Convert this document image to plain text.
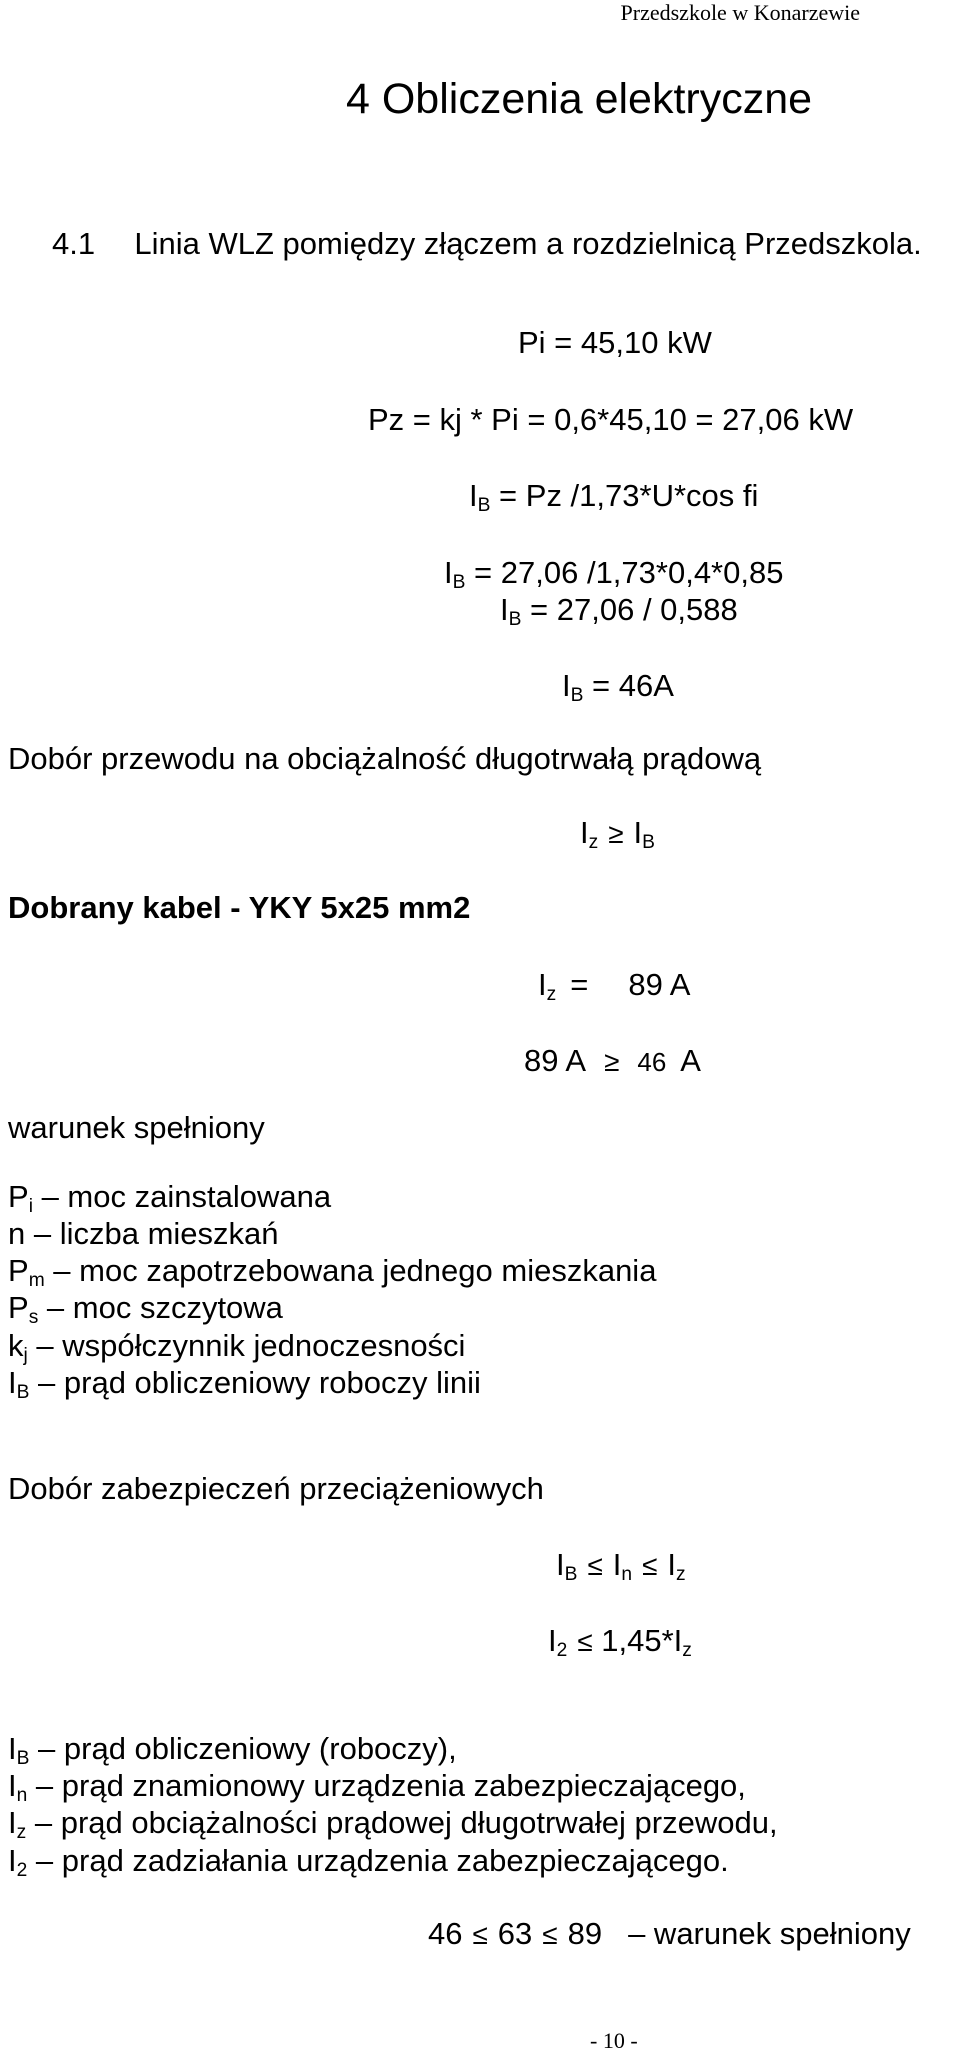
Przedszkole w Konarzewie
4 Obliczenia elektryczne
4.1 Linia WLZ pomiędzy złączem a rozdzielnicą Przedszkola.
Pi = 45,10 kW
Pz = kj * Pi = 0,6*45,10 = 27,06 kW
$I_B = Pz$ /1,73*U*cos fi
$I_B = 27,06$ /1,73*0,4*0,85
$I_B = 27,06 / 0,588$
$I_B = 46A$
Dobór przewodu na obciążalność długotrwałą prądową
$I_z \ge I_B$
Dobrany kabel - YKY 5x25 mm2
$I_z = 89$ A
89 A ≥ 46 A
warunek spełniony
$P_i$ – moc zainstalowana
n – liczba mieszkań
$P_m$ – moc zapotrzebowana jednego mieszkania
$P_s$ – moc szczytowa
$k_j$ – współczynnik jednoczesności
$I_B$ – prąd obliczeniowy roboczy linii
Dobór zabezpieczeń przeciążeniowych
$I_B \le I_n \le I_z$
$I_2 \le 1,45*I_z$
$I_B$ – prąd obliczeniowy (roboczy),
$I_n$ – prąd znamionowy urządzenia zabezpieczającego,
$I_z$ – prąd obciążalności prądowej długotrwałej przewodu,
$I_2$ – prąd zadziałania urządzenia zabezpieczającego.
46 ≤ 63 ≤ 89 – warunek spełniony
- 10 -
